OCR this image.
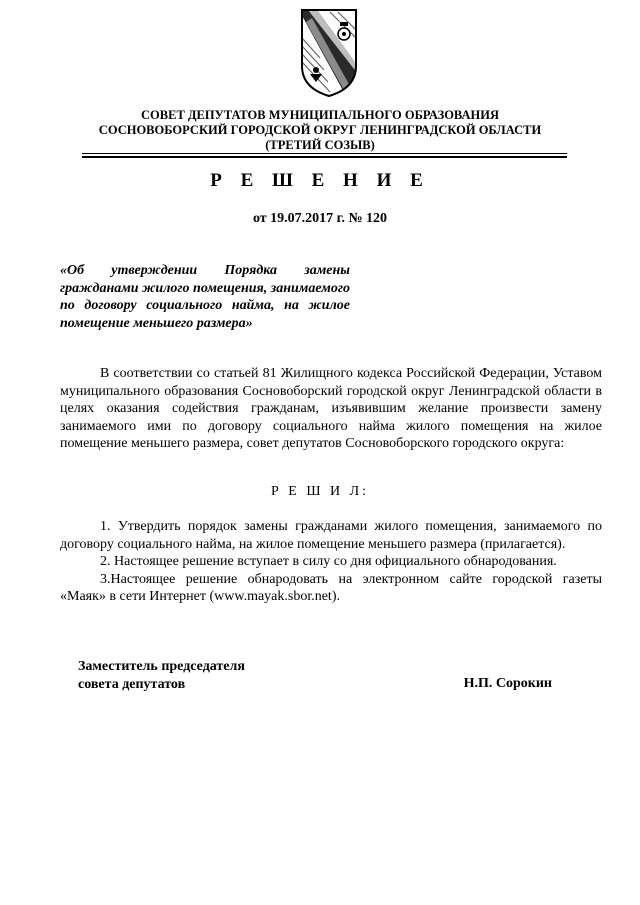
СОВЕТ ДЕПУТАТОВ МУНИЦИПАЛЬНОГО ОБРАЗОВАНИЯ
СОСНОВОБОРСКИЙ ГОРОДСКОЙ ОКРУГ ЛЕНИНГРАДСКОЙ ОБЛАСТИ
(ТРЕТИЙ СОЗЫВ)
Р Е Ш Е Н И Е
от 19.07.2017 г. № 120
«Об утверждении Порядка замены гражданами жилого помещения, занимаемого по договору социального найма, на жилое помещение меньшего размера»
В соответствии со статьей 81 Жилищного кодекса Российской Федерации, Уставом муниципального образования Сосновоборский городской округ Ленинградской области в целях оказания содействия гражданам, изъявившим желание произвести замену занимаемого ими по договору социального найма жилого помещения на жилое помещение меньшего размера, совет депутатов Сосновоборского городского округа:
Р Е Ш И Л:

1. Утвердить порядок замены гражданами жилого помещения, занимаемого по договору социального найма, на жилое помещение меньшего размера (прилагается).

2. Настоящее решение вступает в силу со дня официального обнародования.

3.Настоящее решение обнародовать на электронном сайте городской газеты «Маяк» в сети Интернет (www.mayak.sbor.net).

Заместитель председателя
совета депутатов	Н.П. Сорокин
